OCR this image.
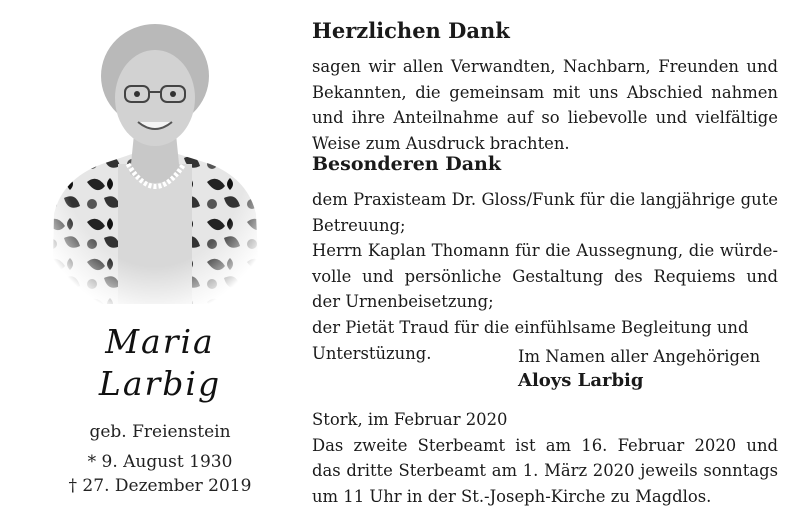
Maria
Larbig
geb. Freienstein
* 9. August 1930
† 27. Dezember 2019
Herzlichen Dank
sagen wir allen Verwandten, Nachbarn, Freunden und
Bekannten, die gemeinsam mit uns Abschied nahmen
und ihre Anteilnahme auf so liebevolle und vielfältige
Weise zum Ausdruck brachten.
Besonderen Dank
dem Praxisteam Dr. Gloss/Funk für die langjährige gute
Betreuung;
Herrn Kaplan Thomann für die Aussegnung, die würde-
volle und persönliche Gestaltung des Requiems und
der Urnenbeisetzung;
der Pietät Traud für die einfühlsame Begleitung und
Unterstüzung.	Im Namen aller Angehörigen
Aloys Larbig
Stork, im Februar 2020
Das zweite Sterbeamt ist am 16. Februar 2020 und
das dritte Sterbeamt am 1. März 2020 jeweils sonntags
um 11 Uhr in der St.-Joseph-Kirche zu Magdlos.
